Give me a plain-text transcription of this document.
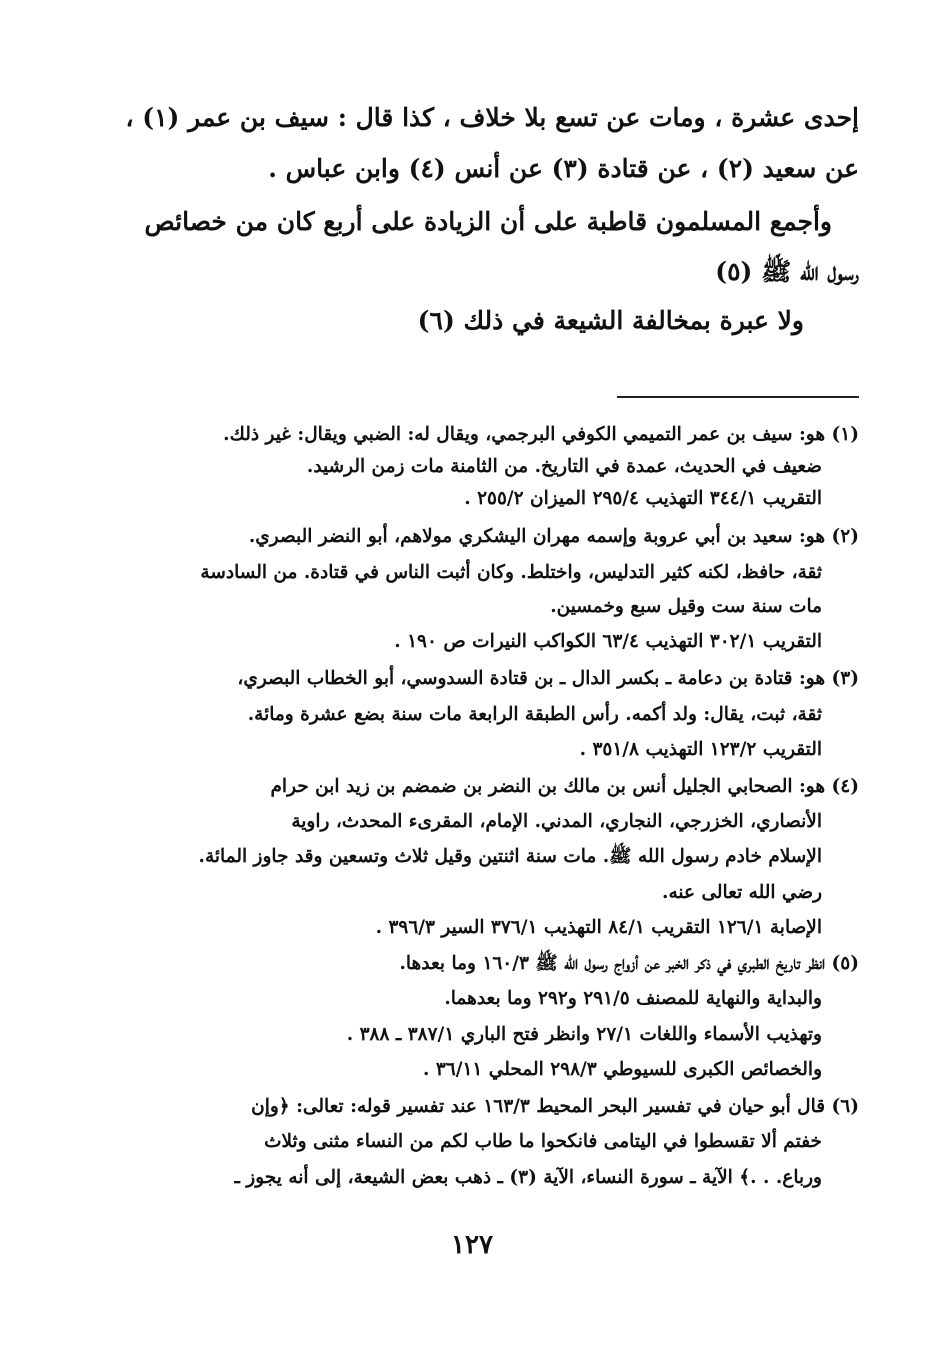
إحدى عشرة ، ومات عن تسع بلا خلاف ، كذا قال : سيف بن عمر (١) ،
عن سعيد (٢) ، عن قتادة (٣) عن أنس (٤) وابن عباس .
وأجمع المسلمون قاطبة على أن الزيادة على أربع كان من خصائص
رسول الله ﷺ (٥)
ولا عبرة بمخالفة الشيعة في ذلك (٦)
(١) هو: سيف بن عمر التميمي الكوفي البرجمي، ويقال له: الضبي ويقال: غير ذلك.
ضعيف في الحديث، عمدة في التاريخ. من الثامنة مات زمن الرشيد.
التقريب ٣٤٤/١ التهذيب ٢٩٥/٤ الميزان ٢٥٥/٢ .
(٢) هو: سعيد بن أبي عروبة وإسمه مهران اليشكري مولاهم، أبو النضر البصري.
ثقة، حافظ، لكنه كثير التدليس، واختلط. وكان أثبت الناس في قتادة. من السادسة
مات سنة ست وقيل سبع وخمسين.
التقريب ٣٠٢/١ التهذيب ٦٣/٤ الكواكب النيرات ص ١٩٠ .
(٣) هو: قتادة بن دعامة ـ بكسر الدال ـ بن قتادة السدوسي، أبو الخطاب البصري،
ثقة، ثبت، يقال: ولد أكمه. رأس الطبقة الرابعة مات سنة بضع عشرة ومائة.
التقريب ١٢٣/٢ التهذيب ٣٥١/٨ .
(٤) هو: الصحابي الجليل أنس بن مالك بن النضر بن ضمضم بن زيد ابن حرام
الأنصاري، الخزرجي، النجاري، المدني. الإمام، المقرىء المحدث، راوية
الإسلام خادم رسول الله ﷺ. مات سنة اثنتين وقيل ثلاث وتسعين وقد جاوز المائة.
رضي الله تعالى عنه.
الإصابة ١٢٦/١ التقريب ٨٤/١ التهذيب ٣٧٦/١ السير ٣٩٦/٣ .
(٥) انظر تاريخ الطبري في ذكر الخبر عن أزواج رسول الله ﷺ ١٦٠/٣ وما بعدها.
والبداية والنهاية للمصنف ٢٩١/٥ و٢٩٢ وما بعدهما.
وتهذيب الأسماء واللغات ٢٧/١ وانظر فتح الباري ٣٨٧/١ ـ ٣٨٨ .
والخصائص الكبرى للسيوطي ٢٩٨/٣ المحلي ٣٦/١١ .
(٦) قال أبو حيان في تفسير البحر المحيط ١٦٣/٣ عند تفسير قوله: تعالى: ﴿وإن
خفتم ألا تقسطوا في اليتامى فانكحوا ما طاب لكم من النساء مثنى وثلاث
ورباع. . .﴾ الآية ـ سورة النساء، الآية (٣) ـ ذهب بعض الشيعة، إلى أنه يجوز ـ
١٢٧
